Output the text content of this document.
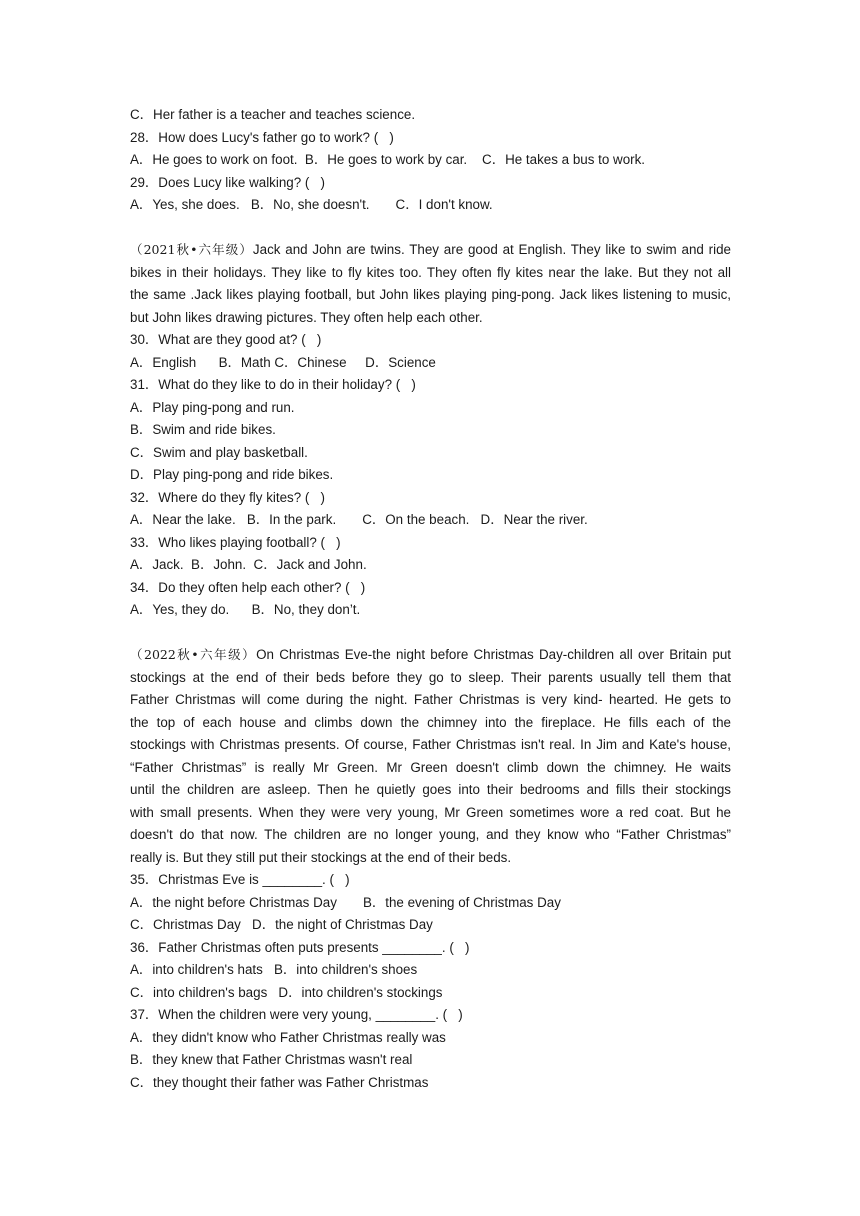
C．Her father is a teacher and teaches science.
28．How does Lucy's father go to work? (   )
A．He goes to work on foot.  B．He goes to work by car.    C．He takes a bus to work.
29．Does Lucy like walking? (   )
A．Yes, she does.   B．No, she doesn't.       C．I don't know.
（2021秋•六年级）Jack and John are twins. They are good at English. They like to swim and ride
bikes in their holidays. They like to fly kites too. They often fly kites near the lake. But they not all
the same .Jack likes playing football, but John likes playing ping-pong. Jack likes listening to music,
but John likes drawing pictures. They often help each other.
30．What are they good at? (   )
A．English      B．Math C．Chinese     D．Science
31．What do they like to do in their holiday? (   )
A．Play ping-pong and run.
B．Swim and ride bikes.
C．Swim and play basketball.
D．Play ping-pong and ride bikes.
32．Where do they fly kites? (   )
A．Near the lake.   B．In the park.       C．On the beach.   D．Near the river.
33．Who likes playing football? (   )
A．Jack.  B．John.  C．Jack and John.
34．Do they often help each other? (   )
A．Yes, they do.      B．No, they don’t.
（2022秋•六年级）On Christmas Eve-the night before Christmas Day-children all over Britain put
stockings at the end of their beds before they go to sleep. Their parents usually tell them that
Father Christmas will come during the night. Father Christmas is very kind- hearted. He gets to
the top of each house and climbs down the chimney into the fireplace. He fills each of the
stockings with Christmas presents. Of course, Father Christmas isn't real. In Jim and Kate's house,
“Father Christmas” is really Mr Green. Mr Green doesn't climb down the chimney. He waits
until the children are asleep. Then he quietly goes into their bedrooms and fills their stockings
with small presents. When they were very young, Mr Green sometimes wore a red coat. But he
doesn't do that now. The children are no longer young, and they know who “Father Christmas”
really is. But they still put their stockings at the end of their beds.
35．Christmas Eve is ________. (   )
A．the night before Christmas Day       B．the evening of Christmas Day
C．Christmas Day   D．the night of Christmas Day
36．Father Christmas often puts presents ________. (   )
A．into children's hats   B．into children's shoes
C．into children's bags   D．into children's stockings
37．When the children were very young, ________. (   )
A．they didn't know who Father Christmas really was
B．they knew that Father Christmas wasn't real
C．they thought their father was Father Christmas
